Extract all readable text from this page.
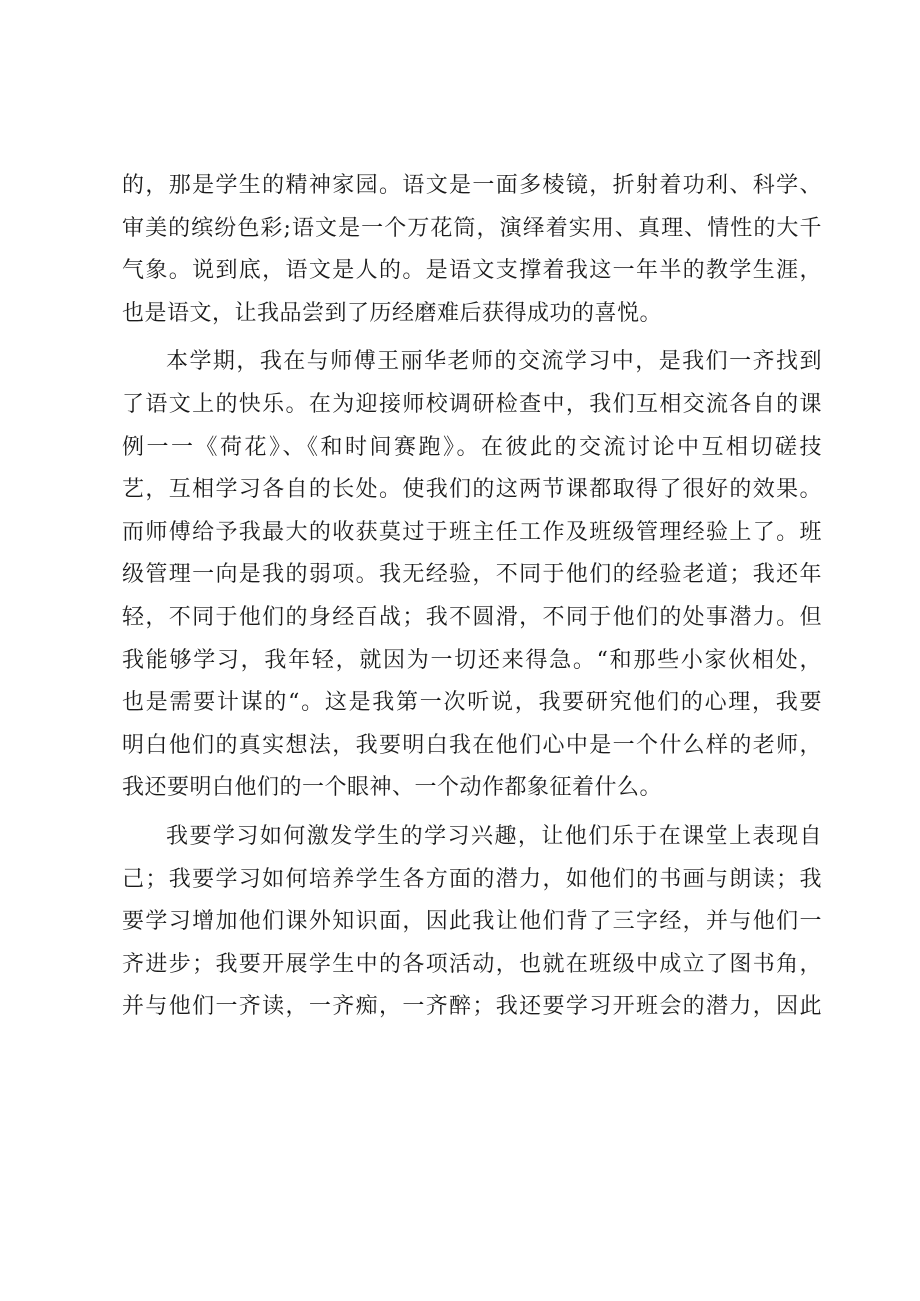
的，那是学生的精神家园。语文是一面多棱镜，折射着功利、科学、
审美的缤纷色彩;语文是一个万花筒，演绎着实用、真理、情性的大千
气象。说到底，语文是人的。是语文支撑着我这一年半的教学生涯，
也是语文，让我品尝到了历经磨难后获得成功的喜悦。
本学期，我在与师傅王丽华老师的交流学习中，是我们一齐找到
了语文上的快乐。在为迎接师校调研检查中，我们互相交流各自的课
例一一《荷花》、《和时间赛跑》。在彼此的交流讨论中互相切磋技
艺，互相学习各自的长处。使我们的这两节课都取得了很好的效果。
而师傅给予我最大的收获莫过于班主任工作及班级管理经验上了。班
级管理一向是我的弱项。我无经验，不同于他们的经验老道；我还年
轻，不同于他们的身经百战；我不圆滑，不同于他们的处事潜力。但
我能够学习，我年轻，就因为一切还来得急。“和那些小家伙相处，
也是需要计谋的“。这是我第一次听说，我要研究他们的心理，我要
明白他们的真实想法，我要明白我在他们心中是一个什么样的老师，
我还要明白他们的一个眼神、一个动作都象征着什么。
我要学习如何激发学生的学习兴趣，让他们乐于在课堂上表现自
己；我要学习如何培养学生各方面的潜力，如他们的书画与朗读；我
要学习增加他们课外知识面，因此我让他们背了三字经，并与他们一
齐进步；我要开展学生中的各项活动，也就在班级中成立了图书角，
并与他们一齐读，一齐痴，一齐醉；我还要学习开班会的潜力，因此
